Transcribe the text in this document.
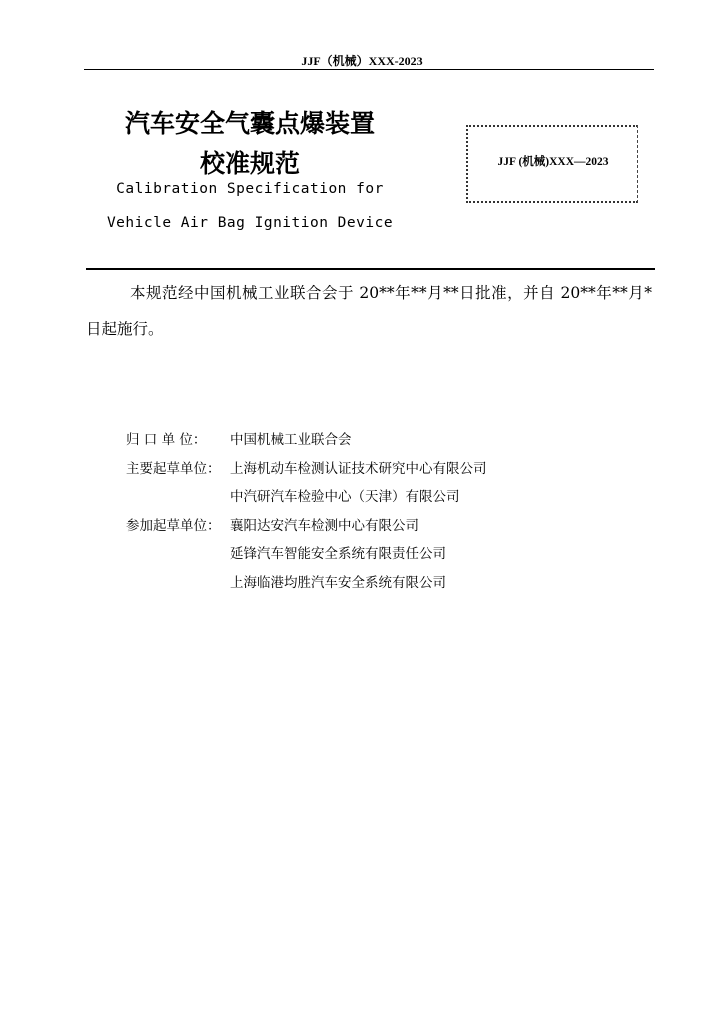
JJF（机械）XXX-2023
汽车安全气囊点爆装置
校准规范
Calibration Specification for
Vehicle Air Bag Ignition Device
JJF (机械)XXX—2023
本规范经中国机械工业联合会于 20**年**月**日批准，并自 20**年**月*日起施行。
归 口 单 位：	中国机械工业联合会
主要起草单位： 上海机动车检测认证技术研究中心有限公司
中汽研汽车检验中心（天津）有限公司
参加起草单位： 襄阳达安汽车检测中心有限公司
延锋汽车智能安全系统有限责任公司
上海临港均胜汽车安全系统有限公司
